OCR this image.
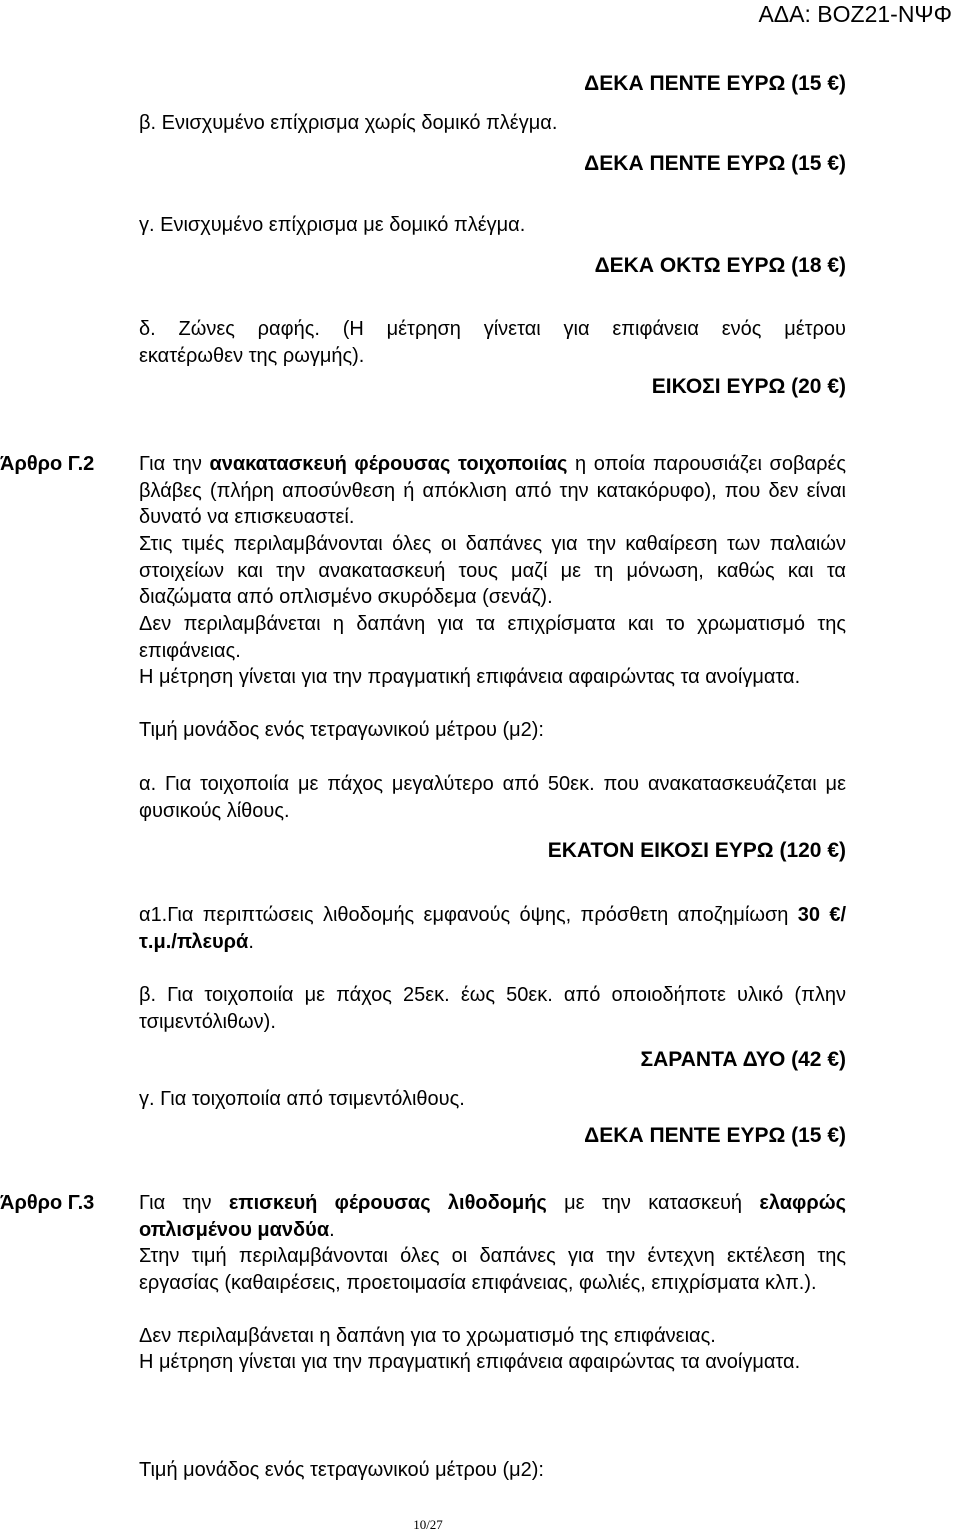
ΑΔΑ: ΒΟΖ21-ΝΨΦ
ΔΕΚΑ ΠΕΝΤΕ ΕΥΡΩ (15 €)
β. Ενισχυμένο επίχρισμα χωρίς δομικό πλέγμα.
ΔΕΚΑ ΠΕΝΤΕ ΕΥΡΩ (15 €)
γ. Ενισχυμένο επίχρισμα με δομικό πλέγμα.
ΔΕΚΑ ΟΚΤΩ ΕΥΡΩ (18 €)
δ. Ζώνες ραφής. (Η μέτρηση γίνεται για επιφάνεια ενός μέτρου
εκατέρωθεν της ρωγμής).
ΕΙΚΟΣΙ ΕΥΡΩ (20 €)
Άρθρο Γ.2 Για την ανακατασκευή φέρουσας τοιχοποιίας η οποία παρουσιάζει σοβαρές βλάβες (πλήρη αποσύνθεση ή απόκλιση από την κατακόρυφο), που δεν είναι δυνατό να επισκευαστεί.
Στις τιμές περιλαμβάνονται όλες οι δαπάνες για την καθαίρεση των παλαιών στοιχείων και την ανακατασκευή τους μαζί με τη μόνωση, καθώς και τα διαζώματα από οπλισμένο σκυρόδεμα (σενάζ).
Δεν περιλαμβάνεται η δαπάνη για τα επιχρίσματα και το χρωματισμό της επιφάνειας.
Η μέτρηση γίνεται για την πραγματική επιφάνεια αφαιρώντας τα ανοίγματα.
Τιμή μονάδος ενός τετραγωνικού μέτρου (μ2):
α. Για τοιχοποιία με πάχος μεγαλύτερο από 50εκ. που ανακατασκευάζεται με φυσικούς λίθους.
ΕΚΑΤΟΝ ΕΙΚΟΣΙ ΕΥΡΩ (120 €)
α1.Για περιπτώσεις λιθοδομής εμφανούς όψης, πρόσθετη αποζημίωση 30 €/τ.μ./πλευρά.
β. Για τοιχοποιία με πάχος 25εκ. έως 50εκ. από οποιοδήποτε υλικό (πλην τσιμεντόλιθων).
ΣΑΡΑΝΤΑ ΔΥΟ (42 €)
γ. Για τοιχοποιία από τσιμεντόλιθους.
ΔΕΚΑ ΠΕΝΤΕ ΕΥΡΩ (15 €)
Άρθρο Γ.3 Για την επισκευή φέρουσας λιθοδομής με την κατασκευή ελαφρώς οπλισμένου μανδύα.
Στην τιμή περιλαμβάνονται όλες οι δαπάνες για την έντεχνη εκτέλεση της εργασίας (καθαιρέσεις, προετοιμασία επιφάνειας, φωλιές, επιχρίσματα κλπ.).
Δεν περιλαμβάνεται η δαπάνη για το χρωματισμό της επιφάνειας.
Η μέτρηση γίνεται για την πραγματική επιφάνεια αφαιρώντας τα ανοίγματα.
Τιμή μονάδος ενός τετραγωνικού μέτρου (μ2):
10/27
